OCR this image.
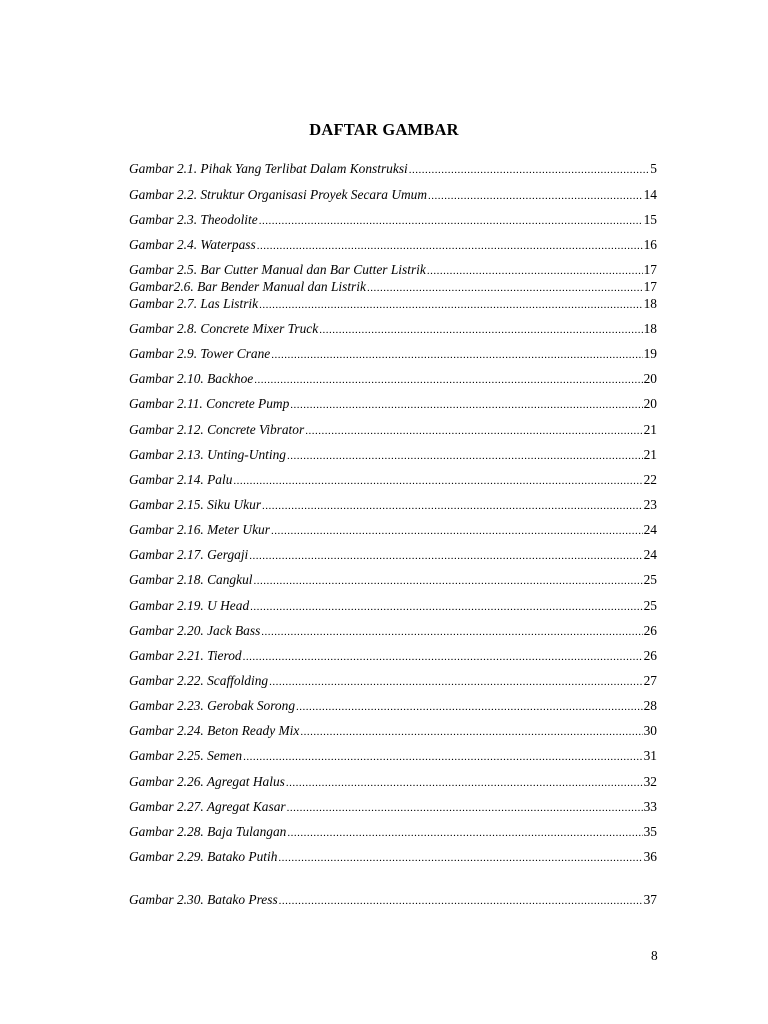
DAFTAR GAMBAR
Gambar 2.1. Pihak Yang Terlibat Dalam Konstruksi .....	5
Gambar 2.2. Struktur Organisasi Proyek Secara Umum .....	14
Gambar 2.3. Theodolite .....	15
Gambar 2.4. Waterpass .....	16
Gambar 2.5. Bar Cutter Manual dan Bar Cutter Listrik .....	17
Gambar2.6. Bar Bender Manual dan Listrik .....	17
Gambar 2.7. Las Listrik .....	18
Gambar 2.8. Concrete Mixer Truck .....	18
Gambar 2.9. Tower Crane .....	19
Gambar 2.10. Backhoe .....	20
Gambar 2.11. Concrete Pump .....	20
Gambar 2.12. Concrete Vibrator .....	21
Gambar 2.13. Unting-Unting .....	21
Gambar 2.14. Palu .....	22
Gambar 2.15. Siku Ukur .....	23
Gambar 2.16. Meter Ukur .....	24
Gambar 2.17. Gergaji .....	24
Gambar 2.18. Cangkul .....	25
Gambar 2.19. U Head .....	25
Gambar 2.20. Jack Bass .....	26
Gambar 2.21. Tierod .....	26
Gambar 2.22. Scaffolding .....	27
Gambar 2.23. Gerobak Sorong .....	28
Gambar 2.24. Beton Ready Mix .....	30
Gambar 2.25. Semen .....	31
Gambar 2.26. Agregat Halus .....	32
Gambar 2.27. Agregat Kasar .....	33
Gambar 2.28. Baja Tulangan .....	35
Gambar 2.29. Batako Putih .....	36
Gambar 2.30. Batako Press .....	37
8
